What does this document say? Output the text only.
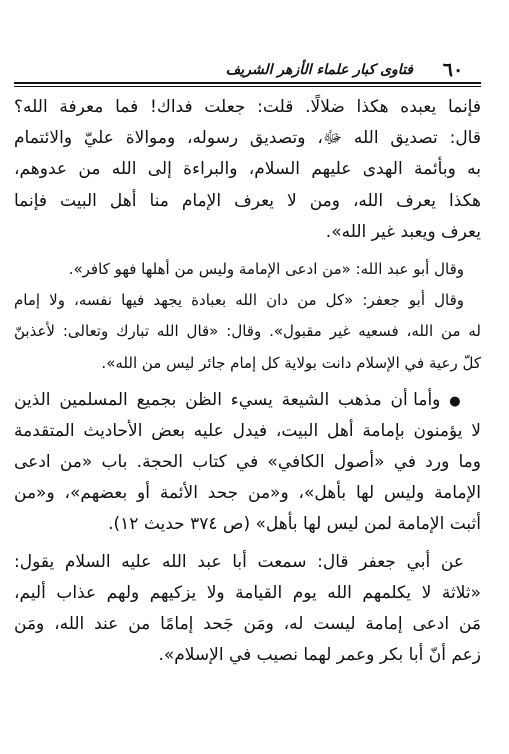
٦٠
فتاوى كبار علماء الأزهر الشريف
فإنما يعبده هكذا ضلالًا. قلت: جعلت فداك! فما معرفة الله؟
قال: تصديق الله ﷻ، وتصديق رسوله، وموالاة عليّ والائتمام
به وبأئمة الهدى عليهم السلام، والبراءة إلى الله من عدوهم،
هكذا يعرف الله، ومن لا يعرف الإمام منا أهل البيت فإنما
يعرف ويعبد غير الله».
وقال أبو عبد الله: «من ادعى الإمامة وليس من أهلها فهو كافر».
وقال أبو جعفر: «كل من دان الله بعبادة يجهد فيها نفسه، ولا إمام
له من الله، فسعيه غير مقبول». وقال: «قال الله تبارك وتعالى: لأعذبنّ
كلّ رعية في الإسلام دانت بولاية كل إمام جائر ليس من الله».
● وأما أن مذهب الشيعة يسيء الظن بجميع المسلمين الذين
لا يؤمنون بإمامة أهل البيت، فيدل عليه بعض الأحاديث المتقدمة
وما ورد في «أصول الكافي» في كتاب الحجة. باب «من ادعى
الإمامة وليس لها بأهل»، و«من جحد الأئمة أو بعضهم»، و«من
أثبت الإمامة لمن ليس لها بأهل» (ص ٣٧٤ حديث ١٢).
عن أبي جعفر قال: سمعت أبا عبد الله عليه السلام يقول:
«ثلاثة لا يكلمهم الله يوم القيامة ولا يزكيهم ولهم عذاب أليم،
مَن ادعى إمامة ليست له، ومَن جَحد إمامًا من عند الله، ومَن
زعم أنّ أبا بكر وعمر لهما نصيب في الإسلام».
